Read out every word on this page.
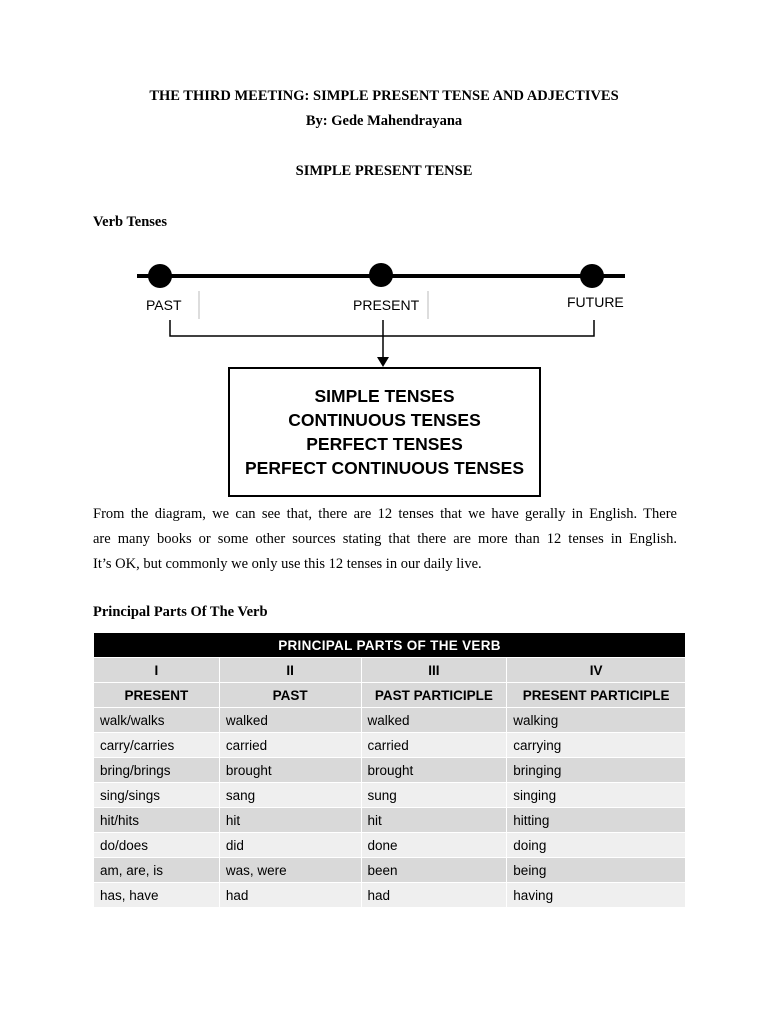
THE THIRD MEETING: SIMPLE PRESENT TENSE AND ADJECTIVES
By: Gede Mahendrayana
SIMPLE PRESENT TENSE
Verb Tenses
PAST	PRESENT	FUTURE
SIMPLE TENSES
CONTINUOUS TENSES
PERFECT TENSES
PERFECT CONTINUOUS TENSES
From the diagram, we can see that, there are 12 tenses that we have gerally in English. There
are many books or some other sources stating that there are more than 12 tenses in English.
It’s OK, but commonly we only use this 12 tenses in our daily live.
Principal Parts Of The Verb
PRINCIPAL PARTS OF THE VERB			
I	II	III	IV
PRESENT	PAST	PAST PARTICIPLE	PRESENT PARTICIPLE
walk/walks	walked	walked	walking
carry/carries	carried	carried	carrying
bring/brings	brought	brought	bringing
sing/sings	sang	sung	singing
hit/hits	hit	hit	hitting
do/does	did	done	doing
am, are, is	was, were	been	being
has, have	had	had	having
